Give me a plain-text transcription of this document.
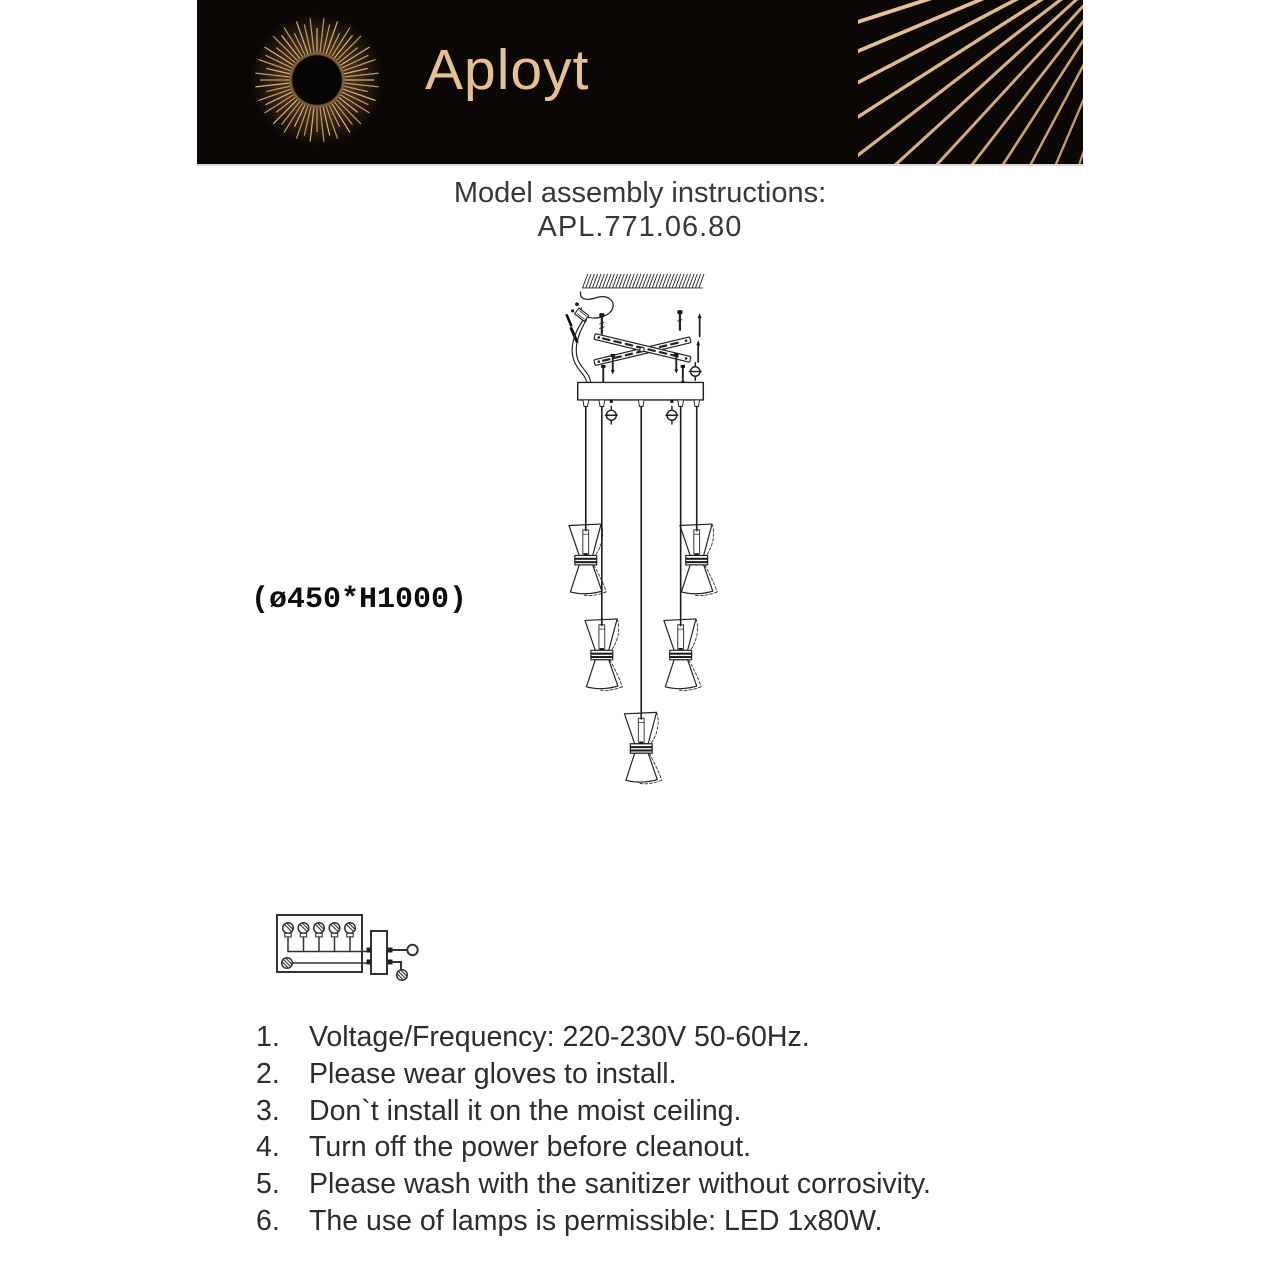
Aployt
Model assembly instructions:
APL.771.06.80
(ø450*H1000)
1.	Voltage/Frequency: 220-230V 50-60Hz.
2.	Please wear gloves to install.
3.	Don`t install it on the moist ceiling.
4.	Turn off the power before cleanout.
5.	Please wash with the sanitizer without corrosivity.
6.	The use of lamps is permissible: LED 1x80W.
